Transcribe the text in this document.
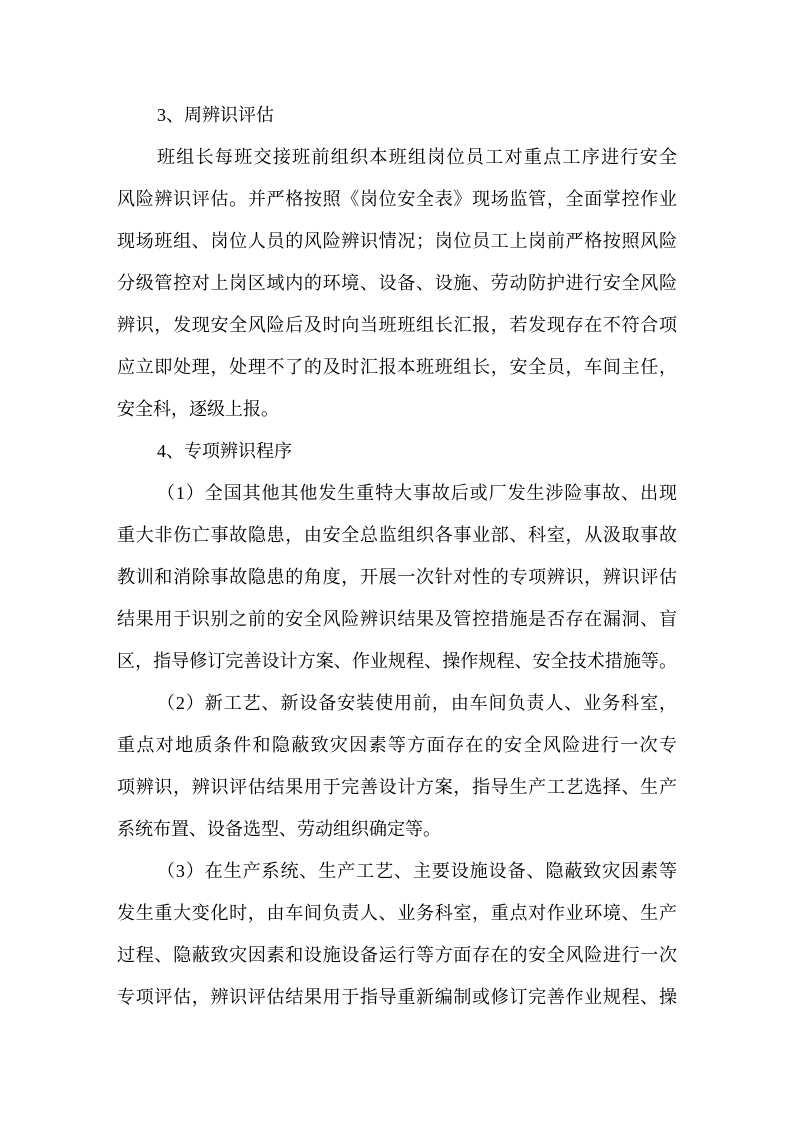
3、周辨识评估
班组长每班交接班前组织本班组岗位员工对重点工序进行安全
风险辨识评估。并严格按照《岗位安全表》现场监管，全面掌控作业
现场班组、岗位人员的风险辨识情况；岗位员工上岗前严格按照风险
分级管控对上岗区域内的环境、设备、设施、劳动防护进行安全风险
辨识，发现安全风险后及时向当班班组长汇报，若发现存在不符合项
应立即处理，处理不了的及时汇报本班班组长，安全员，车间主任，
安全科，逐级上报。
4、专项辨识程序
（1）全国其他其他发生重特大事故后或厂发生涉险事故、出现
重大非伤亡事故隐患，由安全总监组织各事业部、科室，从汲取事故
教训和消除事故隐患的角度，开展一次针对性的专项辨识，辨识评估
结果用于识别之前的安全风险辨识结果及管控措施是否存在漏洞、盲
区，指导修订完善设计方案、作业规程、操作规程、安全技术措施等。
（2）新工艺、新设备安装使用前，由车间负责人、业务科室，
重点对地质条件和隐蔽致灾因素等方面存在的安全风险进行一次专
项辨识，辨识评估结果用于完善设计方案，指导生产工艺选择、生产
系统布置、设备选型、劳动组织确定等。
（3）在生产系统、生产工艺、主要设施设备、隐蔽致灾因素等
发生重大变化时，由车间负责人、业务科室，重点对作业环境、生产
过程、隐蔽致灾因素和设施设备运行等方面存在的安全风险进行一次
专项评估，辨识评估结果用于指导重新编制或修订完善作业规程、操
